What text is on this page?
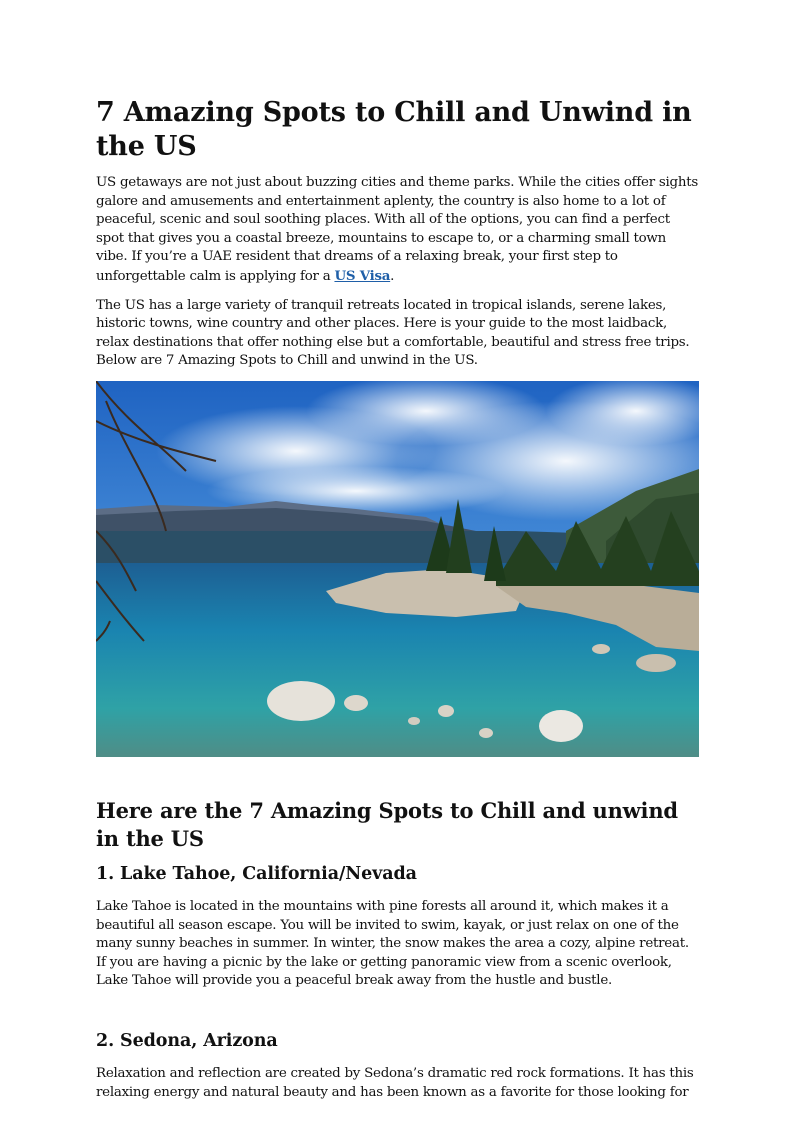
7 Amazing Spots to Chill and Unwind in the US

US getaways are not just about buzzing cities and theme parks. While the cities offer sights galore and amusements and entertainment aplenty, the country is also home to a lot of peaceful, scenic and soul soothing places. With all of the options, you can find a perfect spot that gives you a coastal breeze, mountains to escape to, or a charming small town vibe. If you’re a UAE resident that dreams of a relaxing break, your first step to unforgettable calm is applying for a US Visa.

The US has a large variety of tranquil retreats located in tropical islands, serene lakes, historic towns, wine country and other places. Here is your guide to the most laidback, relax destinations that offer nothing else but a comfortable, beautiful and stress free trips. Below are 7 Amazing Spots to Chill and unwind in the US.

Here are the 7 Amazing Spots to Chill and unwind in the US
1. Lake Tahoe, California/Nevada

Lake Tahoe is located in the mountains with pine forests all around it, which makes it a beautiful all season escape. You will be invited to swim, kayak, or just relax on one of the many sunny beaches in summer. In winter, the snow makes the area a cozy, alpine retreat. If you are having a picnic by the lake or getting panoramic view from a scenic overlook, Lake Tahoe will provide you a peaceful break away from the hustle and bustle.

2. Sedona, Arizona

Relaxation and reflection are created by Sedona’s dramatic red rock formations. It has this relaxing energy and natural beauty and has been known as a favorite for those looking for
